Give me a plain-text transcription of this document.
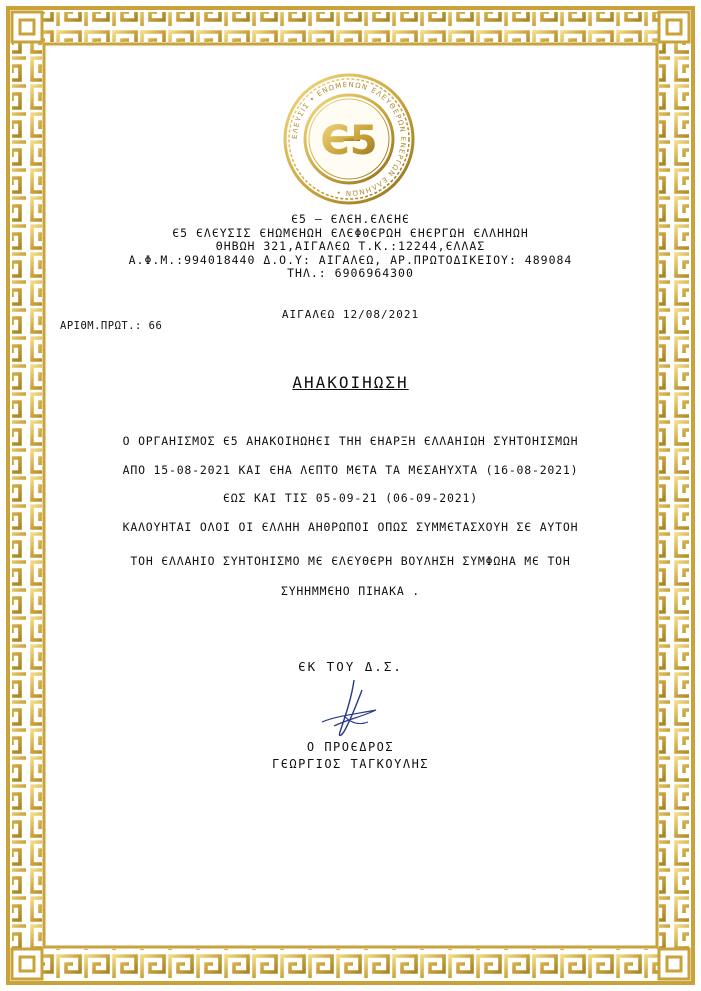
ΕΛΕΥΣΙΣ • ΕΝΩΜΕΝΩΝ ΕΛΕΥΘΕΡΩΝ ΕΝΕΡΓΩΝ ΕΛΛΗΝΩΝ •
Є5
Є5 – ЄΛЄΗ.ЄΛЄΗЄ
Є5 ЄΛЄΥΣΙΣ ЄΗΩΜЄΗΩΗ ЄΛЄΦΘЄΡΩΗ ЄΗЄΡΓΩΗ ЄΛΛΗΗΩΗ
ΘΗΒΩΗ 321,ΑΙΓΑΛЄΩ Τ.Κ.:12244,ЄΛΛΑΣ
Α.Φ.Μ.:994018440 Δ.Ο.Υ: ΑΙΓΑΛЄΩ, ΑΡ.ΠΡΩΤΟΔΙΚΕΙΟΥ: 489084
ΤΗΛ.: 6906964300
ΑΙΓΑΛЄΩ 12/08/2021
ΑΡΙΘΜ.ΠΡΩΤ.: 66
ΑΗΑΚΟΙΗΩΣΗ
Ο ΟΡΓΑΗΙΣΜΟΣ Є5 ΑΗΑΚΟΙΗΩΗЄΙ ΤΗΗ ЄΗΑΡΞΗ ЄΛΛΑΗΙΩΗ ΣΥΗΤΟΗΙΣΜΩΗ
ΑΠΟ 15-08-2021 ΚΑΙ ЄΗΑ ΛЄΠΤΟ ΜЄΤΑ ΤΑ ΜЄΣΑΗΥΧΤΑ (16-08-2021)
ЄΩΣ ΚΑΙ ΤΙΣ 05-09-21 (06-09-2021)
ΚΑΛΟΥΗΤΑΙ ΟΛΟΙ ΟΙ ЄΛΛΗΗ ΑΗΘΡΩΠΟΙ ΟΠΩΣ ΣΥΜΜЄΤΑΣΧΟΥΗ ΣЄ ΑΥΤΟΗ
ΤΟΗ ЄΛΛΑΗΙΟ ΣΥΗΤΟΗΙΣΜΟ ΜЄ ЄΛЄΥΘЄΡΗ ΒΟΥΛΗΣΗ ΣΥΜΦΩΗΑ ΜЄ ΤΟΗ
ΣΥΗΗΜΜЄΗΟ ΠΙΗΑΚΑ .
ЄΚ ΤΟΥ Δ.Σ.
Ο ΠΡΟЄΔΡΟΣ
ΓЄΩΡΓΙΟΣ ΤΑΓΚΟΥΛΗΣ
